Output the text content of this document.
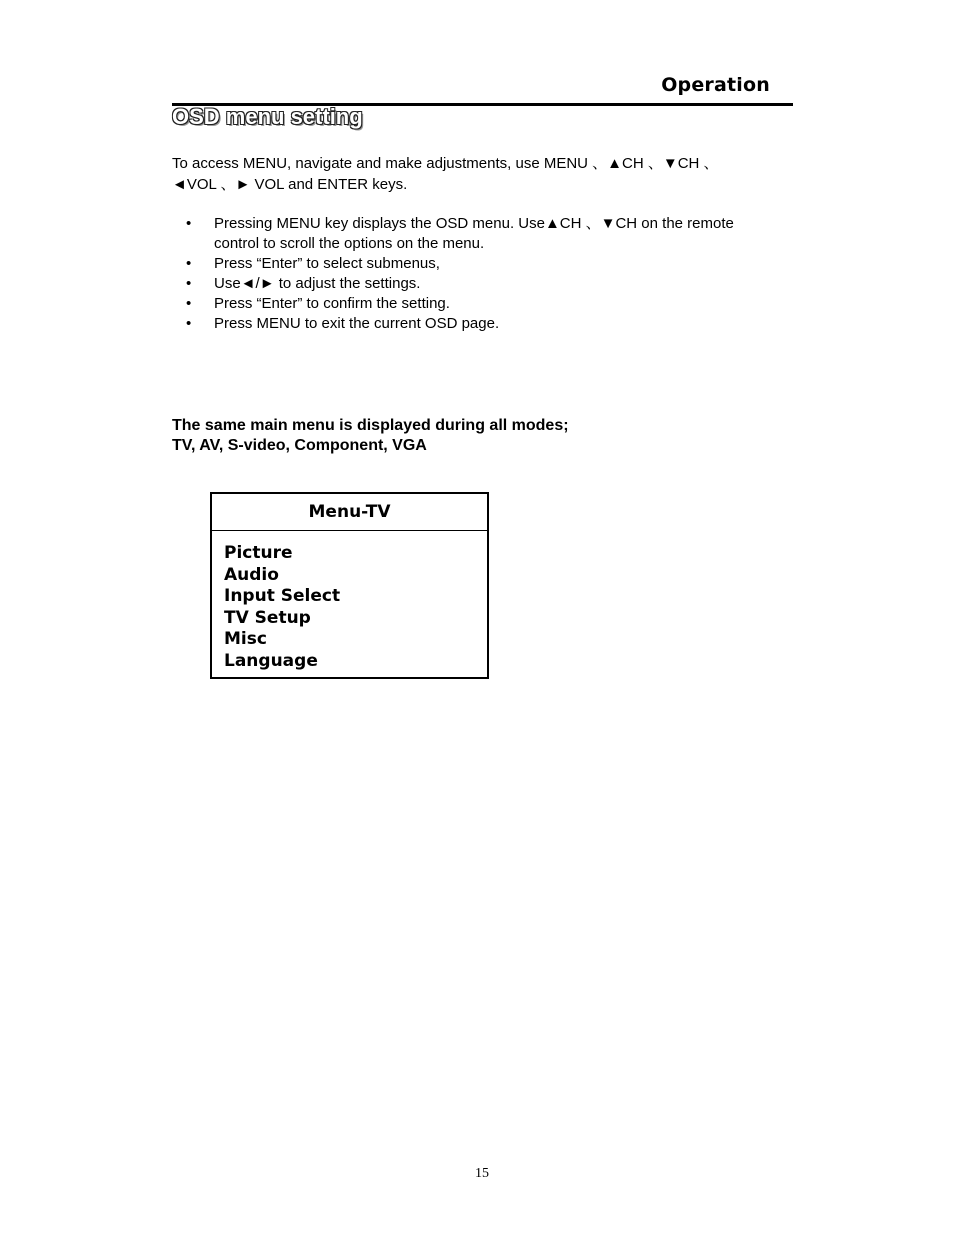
Operation
OSD menu setting
To access MENU, navigate and make adjustments, use MENU 、▲CH 、▼CH 、
◄VOL 、► VOL and ENTER keys.
• Pressing MENU key displays the OSD menu. Use▲CH 、▼CH on the remote
control to scroll the options on the menu.
• Press “Enter” to select submenus,
• Use◄/► to adjust the settings.
• Press “Enter” to confirm the setting.
• Press MENU to exit the current OSD page.
The same main menu is displayed during all modes;
TV, AV, S-video, Component, VGA
Menu-TV
Picture
Audio
Input Select
TV Setup
Misc
Language
15
